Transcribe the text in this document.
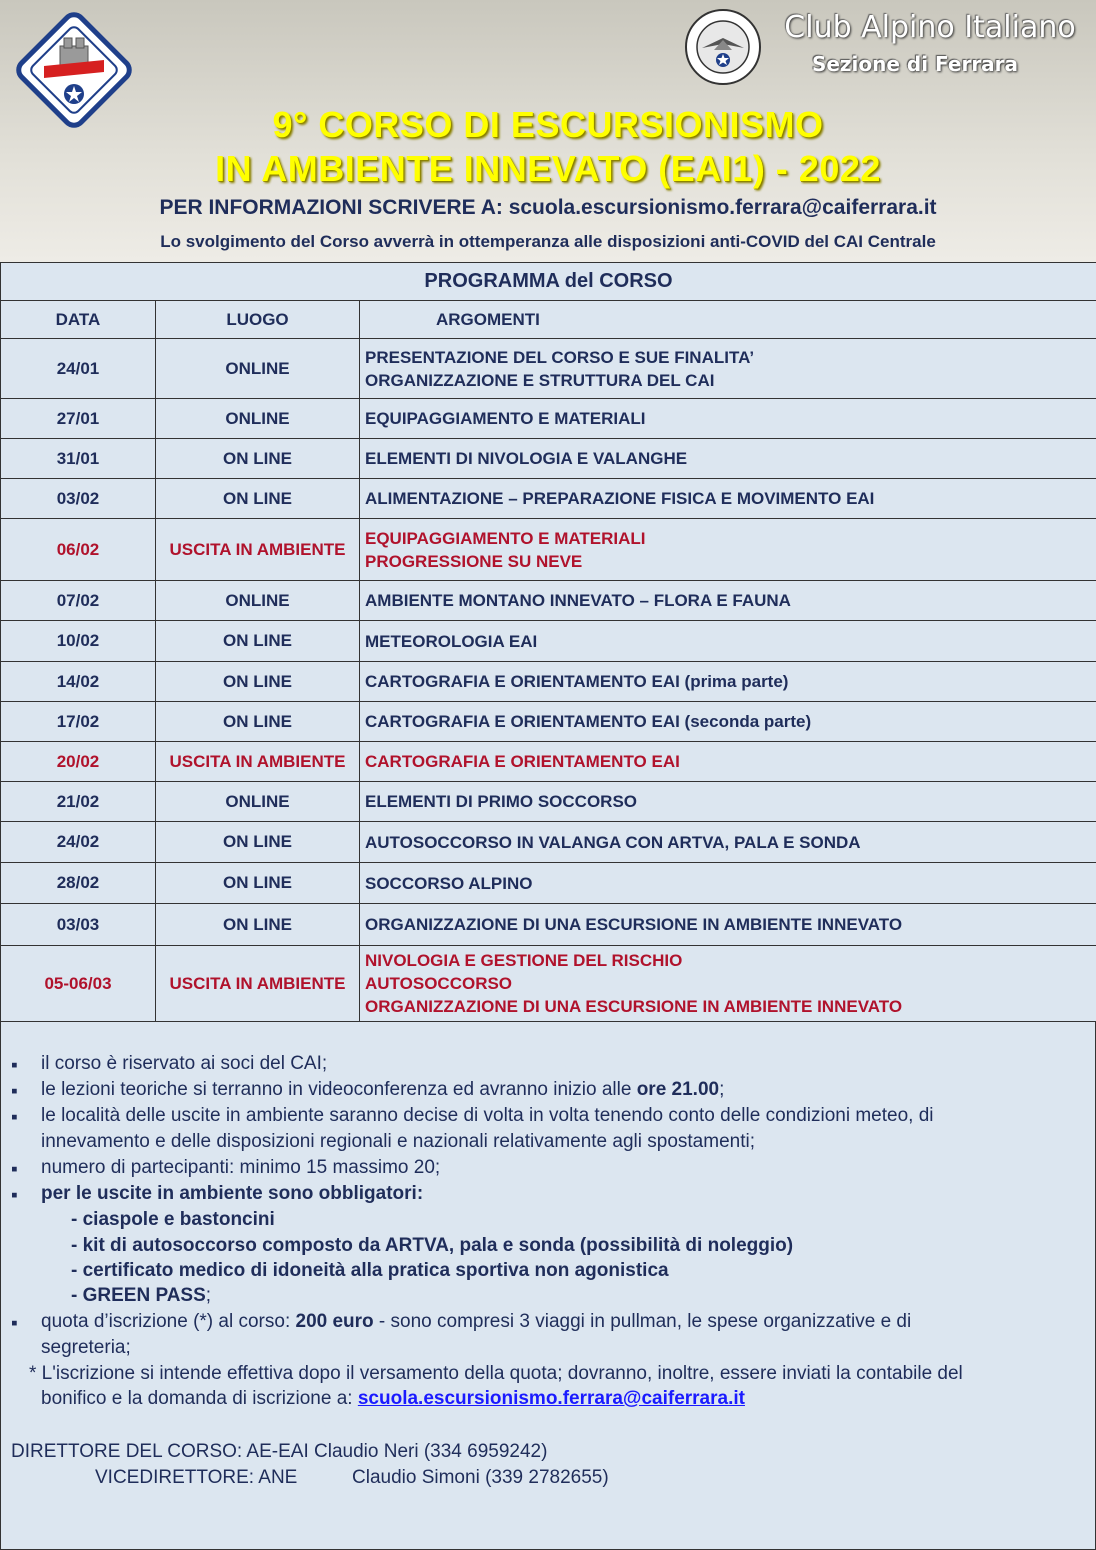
Club Alpino Italiano
Sezione di Ferrara
9° CORSO DI ESCURSIONISMO
IN AMBIENTE INNEVATO (EAI1) - 2022
PER INFORMAZIONI SCRIVERE A: scuola.escursionismo.ferrara@caiferrara.it
Lo svolgimento del Corso avverrà in ottemperanza alle disposizioni anti-COVID del CAI Centrale
PROGRAMMA del CORSO		
DATA	LUOGO	ARGOMENTI
24/01	ONLINE	PRESENTAZIONE DEL CORSO E SUE FINALITA’
ORGANIZZAZIONE E STRUTTURA DEL CAI

27/01	ONLINE	EQUIPAGGIAMENTO E MATERIALI

31/01	ON LINE	ELEMENTI DI NIVOLOGIA E VALANGHE

03/02	ON LINE	ALIMENTAZIONE – PREPARAZIONE FISICA E MOVIMENTO EAI

06/02	USCITA IN AMBIENTE	EQUIPAGGIAMENTO E MATERIALI
PROGRESSIONE SU NEVE

07/02	ONLINE	AMBIENTE MONTANO INNEVATO – FLORA E FAUNA

10/02	ON LINE	METEOROLOGIA EAI

14/02	ON LINE	CARTOGRAFIA E ORIENTAMENTO EAI (prima parte)

17/02	ON LINE	CARTOGRAFIA E ORIENTAMENTO EAI (seconda parte)

20/02	USCITA IN AMBIENTE	CARTOGRAFIA E ORIENTAMENTO EAI

21/02	ONLINE	ELEMENTI DI PRIMO SOCCORSO

24/02	ON LINE	AUTOSOCCORSO IN VALANGA CON ARTVA, PALA E SONDA

28/02	ON LINE	SOCCORSO ALPINO

03/03	ON LINE	ORGANIZZAZIONE DI UNA ESCURSIONE IN AMBIENTE INNEVATO

05-06/03	USCITA IN AMBIENTE	NIVOLOGIA E GESTIONE DEL RISCHIO
AUTOSOCCORSO
ORGANIZZAZIONE DI UNA ESCURSIONE IN AMBIENTE INNEVATO
▪ il corso è riservato ai soci del CAI;
▪ le lezioni teoriche si terranno in videoconferenza ed avranno inizio alle ore 21.00;
▪ le località delle uscite in ambiente saranno decise di volta in volta tenendo conto delle condizioni meteo, di
innevamento e delle disposizioni regionali e nazionali relativamente agli spostamenti;
▪ numero di partecipanti: minimo 15 massimo 20;
▪ per le uscite in ambiente sono obbligatori:
- ciaspole e bastoncini
- kit di autosoccorso composto da ARTVA, pala e sonda (possibilità di noleggio)
- certificato medico di idoneità alla pratica sportiva non agonistica
- GREEN PASS;
▪ quota d’iscrizione (*) al corso: 200 euro - sono compresi 3 viaggi in pullman, le spese organizzative e di
segreteria;
* L'iscrizione si intende effettiva dopo il versamento della quota; dovranno, inoltre, essere inviati la contabile del
bonifico e la domanda di iscrizione a: scuola.escursionismo.ferrara@caiferrara.it
DIRETTORE DEL CORSO: AE-EAI Claudio Neri (334 6959242)
VICEDIRETTORE: ANE	Claudio Simoni (339 2782655)
